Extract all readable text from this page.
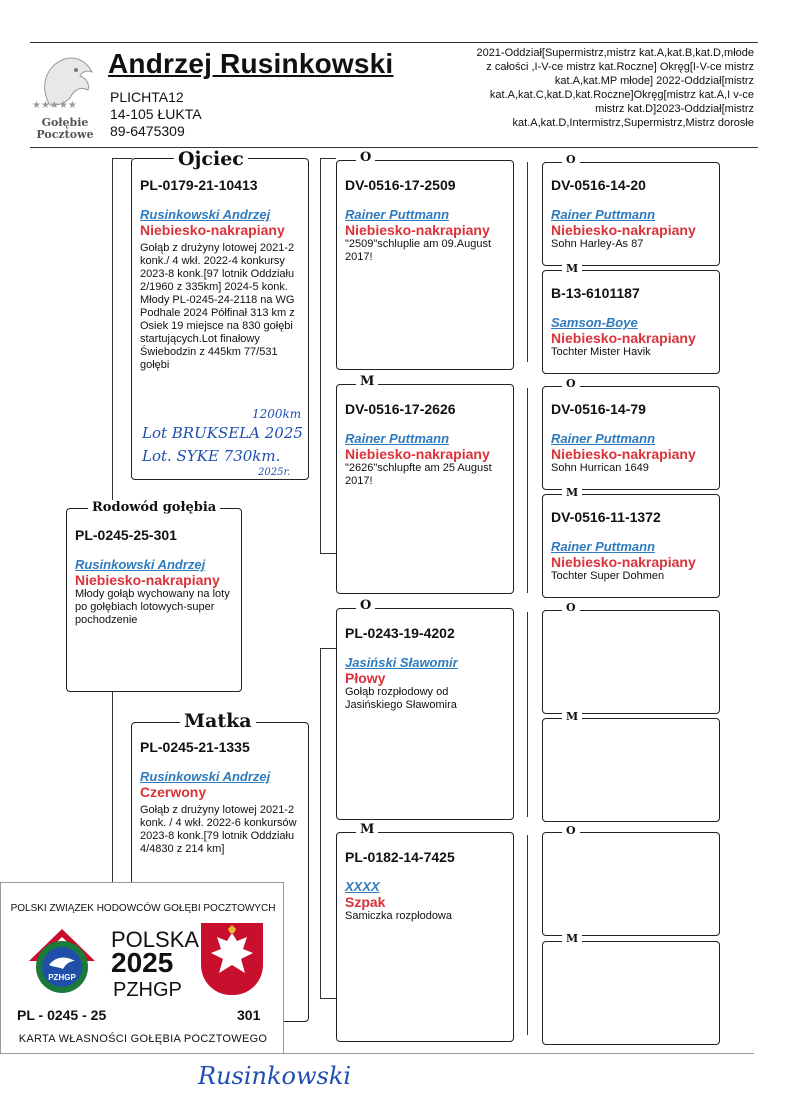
★★★★★
Gołębie
Pocztowe
Andrzej Rusinkowski
PLICHTA12
14-105 ŁUKTA
89-6475309
2021-Oddział[Supermistrz,mistrz kat.A,kat.B,kat.D,młode z całości ,I-V-ce mistrz kat.Roczne] Okręg[I-V-ce mistrz kat.A,kat.MP młode] 2022-Oddział[mistrz kat.A,kat.C,kat.D,kat.Roczne]Okręg[mistrz kat.A,I v-ce mistrz kat.D]2023-Oddział[mistrz kat.A,kat.D,Intermistrz,Supermistrz,Mistrz dorosłe
PL-0179-21-10413
Rusinkowski Andrzej
Niebiesko-nakrapiany
Gołąb z drużyny lotowej 2021-2 konk./ 4 wkł. 2022-4 konkursy 2023-8 konk.[97 lotnik Oddziału 2/1960 z 335km] 2024-5 konk. Młody PL-0245-24-2118 na WG Podhale 2024 Półfinał 313 km z Osiek 19 miejsce na 830 gołębi startujących.Lot finałowy Świebodzin z 445km 77/531 gołębi
Ojciec
1200km
Lot BRUKSELA 2025
Lot. SYKE 730km.
2025r.
PL-0245-25-301
Rusinkowski Andrzej
Niebiesko-nakrapiany
Młody gołąb wychowany na loty po gołębiach lotowych-super pochodzenie
Rodowód gołębia
PL-0245-21-1335
Rusinkowski Andrzej
Czerwony
Gołąb z drużyny lotowej 2021-2 konk. / 4 wkł. 2022-6 konkursów 2023-8 konk.[79 lotnik Oddziału 4/4830 z 214 km]
Matka
DV-0516-17-2509
Rainer Puttmann
Niebiesko-nakrapiany
"2509"schluplie am 09.August 2017!
O
DV-0516-17-2626
Rainer Puttmann
Niebiesko-nakrapiany
"2626"schlupfte am 25 August 2017!
M
PL-0243-19-4202
Jasiński Sławomir
Płowy
Gołąb rozpłodowy od Jasińskiego Sławomira
O
PL-0182-14-7425
XXXX
Szpak
Samiczka rozpłodowa
M
DV-0516-14-20
Rainer Puttmann
Niebiesko-nakrapiany
Sohn Harley-As 87
O
B-13-6101187
Samson-Boye
Niebiesko-nakrapiany
Tochter Mister Havik
M
DV-0516-14-79
Rainer Puttmann
Niebiesko-nakrapiany
Sohn Hurrican 1649
O
DV-0516-11-1372
Rainer Puttmann
Niebiesko-nakrapiany
Tochter Super Dohmen
M
O
M
O
M
POLSKI ZWIĄZEK HODOWCÓW GOŁĘBI POCZTOWYCH
PZHGP
POLSKA
2025
PZHGP
PL - 0245 - 25	301
KARTA WŁASNOŚCI GOŁĘBIA POCZTOWEGO
Rusinkowski
